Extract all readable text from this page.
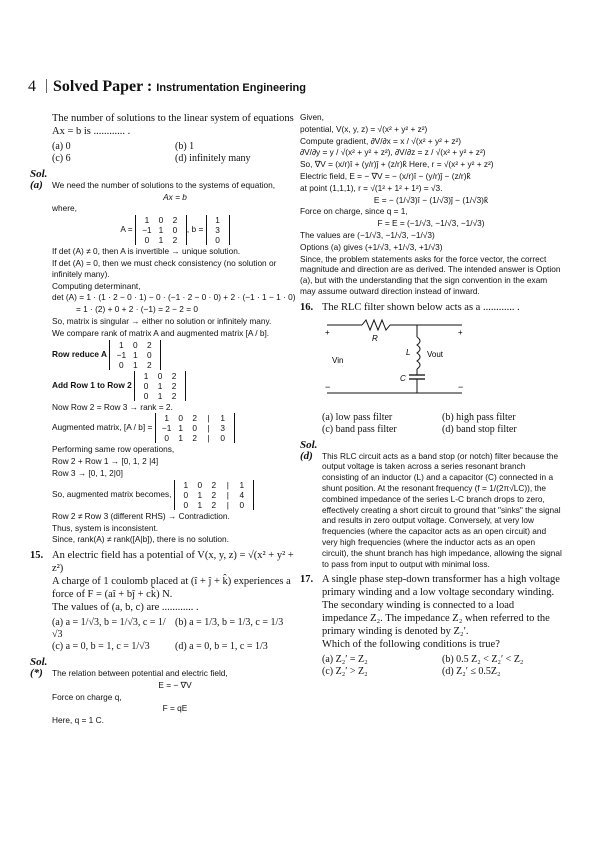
4 Solved Paper : Instrumentation Engineering
The number of solutions to the linear system of equations Ax = b is ............ .
(a) 0	(b) 1
(c) 6	(d) infinitely many

Sol. (a) We need the number of solutions to the systems of equation,

Ax = b

where,

A = 1 0 2
−1 1 0
0 1 2, b = 1
3
0

If det (A) ≠ 0, then A is invertible → unique solution.

If det (A) = 0, then we must check consistency (no solution or infinitely many).

Computing determinant,

det (A) = 1 · (1 · 2 − 0 · 1) − 0 · (−1 · 2 − 0 · 0) + 2 · (−1 · 1 − 1 · 0)

= 1 · (2) + 0 + 2 · (−1) = 2 − 2 = 0

So, matrix is singular → either no solution or infinitely many.

We compare rank of matrix A and augmented matrix [A / b].

Row reduce A 1 0 2
−1 1 0
0 1 2

Add Row 1 to Row 2 1 0 2
0 1 2
0 1 2

Now Row 2 = Row 3 → rank = 2.

Augmented matrix, [A / b] = 1 0 2 | 1
−1 1 0 | 3
0 1 2 | 0

Performing same row operations,

Row 2 + Row 1 → [0, 1, 2 |4]

Row 3 → [0, 1, 2|0]

So, augmented matrix becomes, 1 0 2 | 1
0 1 2 | 4
0 1 2 | 0

Row 2 ≠ Row 3 (different RHS) → Contradiction.

Thus, system is inconsistent.

Since, rank(A) ≠ rank([A|b]), there is no solution.

15. An electric field has a potential of V(x, y, z) = √(x² + y² + z²)
A charge of 1 coulomb placed at (î + ĵ + k̂) experiences a force of F = (aî + bĵ + ck̂) N.
The values of (a, b, c) are ............ .
(a) a = 1/√3, b = 1/√3, c = 1/√3
(b) a = 1/3, b = 1/3, c = 1/3
(c) a = 0, b = 1, c = 1/√3	(d) a = 0, b = 1, c = 1/3

Sol. (*) The relation between potential and electric field,

E = − ∇V

Force on charge q,

F = qE

Here, q = 1 C.

Given,

potential, V(x, y, z) = √(x² + y² + z²)

Compute gradient, ∂V/∂x = x / √(x² + y² + z²)

∂V/∂y = y / √(x² + y² + z²), ∂V/∂z = z / √(x² + y² + z²)

So, ∇V = (x/r)î + (y/r)ĵ + (z/r)k̂ Here, r = √(x² + y² + z²)

Electric field, E = − ∇V = − (x/r)î − (y/r)ĵ − (z/r)k̂

at point (1,1,1), r = √(1² + 1² + 1²) = √3.

E = − (1/√3)î − (1/√3)ĵ − (1/√3)k̂

Force on charge, since q = 1,

F = E = (−1/√3, −1/√3, −1/√3)

The values are (−1/√3, −1/√3, −1/√3)

Options (a) gives (+1/√3, +1/√3, +1/√3)

Since, the problem statements asks for the force vector, the correct magnitude and direction are as derived. The intended answer is Option (a), but with the understanding that the sign convention in the exam may assume outward direction instead of inward.

16. The RLC filter shown below acts as a ............ .
R
L
C
Vin
Vout
+	+
−	−
(a) low pass filter	(b) high pass filter
(c) band pass filter	(d) band stop filter

Sol. (d) This RLC circuit acts as a band stop (or notch) filter because the output voltage is taken across a series resonant branch consisting of an inductor (L) and a capacitor (C) connected in a shunt position. At the resonant frequency (f = 1/(2π√LC)), the combined impedance of the series L-C branch drops to zero, effectively creating a short circuit to ground that "sinks" the signal and results in zero output voltage. Conversely, at very low frequencies (where the capacitor acts as an open circuit) and very high frequencies (where the inductor acts as an open circuit), the shunt branch has high impedance, allowing the signal to pass from input to output with minimal loss.

17. A single phase step-down transformer has a high voltage primary winding and a low voltage secondary winding. The secondary winding is connected to a load impedance Z₂. The impedance Z₂ when referred to the primary winding is denoted by Z₂′.
Which of the following conditions is true?
(a) Z₂′ = Z₂	(b) 0.5 Z₂ < Z₂′ < Z₂
(c) Z₂′ > Z₂	(d) Z₂′ ≤ 0.5Z₂
